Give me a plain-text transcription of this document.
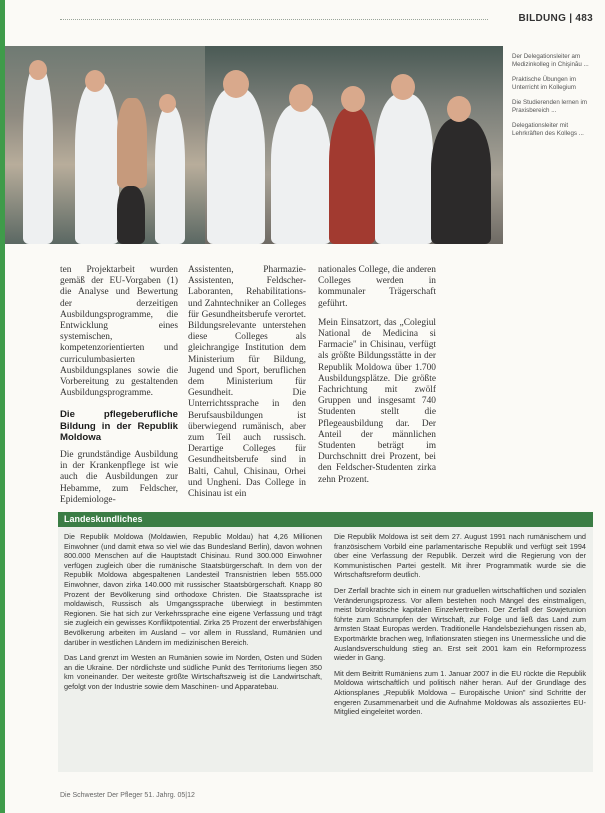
BILDUNG | 483

Der Delegationsleiter am Medizinkolleg in Chişinău ...

Praktische Übungen im Unterricht im Kollegium

Die Studierenden lernen im Praxisbereich ...

Delegationsleiter mit Lehrkräften des Kollegs ...

ten Projektarbeit wurden gemäß der EU-Vorgaben (1) die Analyse und Bewertung der derzeitigen Ausbildungsprogramme, die Entwicklung eines systemischen, kompetenzorientierten und curriculumbasierten Ausbildungsplanes sowie die Vorbereitung zu gestaltenden Ausbildungsprogramme.

Die pflegeberufliche Bildung in der Republik Moldowa

Die grundständige Ausbildung in der Krankenpflege ist wie auch die Ausbildungen zur Hebamme, zum Feldscher, Epidemiologe-

Assistenten, Pharmazie-Assistenten, Feldscher-Laboranten, Rehabilitations- und Zahntechniker an Colleges für Gesundheitsberufe verortet. Bildungsrelevante unterstehen diese Colleges als gleichrangige Institution dem Ministerium für Bildung, Jugend und Sport, beruflichen dem Ministerium für Gesundheit. Die Unterrichtssprache in den Berufsausbildungen ist überwiegend rumänisch, aber zum Teil auch russisch. Derartige Colleges für Gesundheitsberufe sind in Balti, Cahul, Chisinau, Orhei und Ungheni. Das College in Chisinau ist ein

nationales College, die anderen Colleges werden in kommunaler Trägerschaft geführt.

Mein Einsatzort, das „Colegiul National de Medicina si Farmacie" in Chisinau, verfügt als größte Bildungsstätte in der Republik Moldowa über 1.700 Ausbildungsplätze. Die größte Fachrichtung mit zwölf Gruppen und insgesamt 740 Studenten stellt die Pflegeausbildung dar. Der Anteil der männlichen Studenten beträgt im Durchschnitt drei Prozent, bei den Feldscher-Studenten zirka zehn Prozent.

Landeskundliches

Die Republik Moldowa (Moldawien, Republic Moldau) hat 4,26 Millionen Einwohner (und damit etwa so viel wie das Bundesland Berlin), davon wohnen 800.000 Menschen auf die Hauptstadt Chisinau. Rund 300.000 Einwohner verfügen zugleich über die rumänische Staatsbürgerschaft. In dem von der Republik Moldowa abgespaltenen Landesteil Transnistrien leben 555.000 Einwohner, davon zirka 140.000 mit russischer Staatsbürgerschaft. Knapp 80 Prozent der Bevölkerung sind orthodoxe Christen. Die Staatssprache ist moldawisch, Russisch als Umgangssprache überwiegt in bestimmten Regionen. Sie hat sich zur Verkehrssprache eine eigene Verfassung und trägt sie zugleich ein gewisses Konfliktpotential. Zirka 25 Prozent der erwerbsfähigen Bevölkerung arbeiten im Ausland – vor allem in Russland, Rumänien und darüber in westlichen Ländern im medizinischen Bereich.

Das Land grenzt im Westen an Rumänien sowie im Norden, Osten und Süden an die Ukraine. Der nördlichste und südliche Punkt des Territoriums liegen 350 km voneinander. Der weiteste größte Wirtschaftszweig ist die Landwirtschaft, gefolgt von der Industrie sowie dem Maschinen- und Apparatebau.

Die Republik Moldowa ist seit dem 27. August 1991 nach rumänischem und französischem Vorbild eine parlamentarische Republik und verfügt seit 1994 über eine Verfassung der Republik. Derzeit wird die Regierung von der Kommunistischen Partei gestellt. Mit ihrer Programmatik wurde sie die Wirtschaftsreform deutlich.

Der Zerfall brachte sich in einem nur graduellen wirtschaftlichen und sozialen Veränderungsprozess. Vor allem bestehen noch Mängel des einstmaligen, meist bürokratische kapitalen Einzelvertreiben. Der Zerfall der Sowjetunion führte zum Schrumpfen der Wirtschaft, zur Folge und ließ das Land zum ärmsten Staat Europas werden. Traditionelle Handelsbeziehungen rissen ab, Exportmärkte brachen weg, Inflationsraten stiegen ins Unermessliche und die Auslandsverschuldung stieg an. Erst seit 2001 kam ein Reformprozess wieder in Gang.

Mit dem Beitritt Rumäniens zum 1. Januar 2007 in die EU rückte die Republik Moldowa wirtschaftlich und politisch näher heran. Auf der Grundlage des Aktionsplanes „Republik Moldowa – Europäische Union" sind Schritte der engeren Zusammenarbeit und die Aufnahme Moldowas als assoziiertes EU-Mitglied eingeleitet worden.

Die Schwester Der Pfleger 51. Jahrg. 05|12
